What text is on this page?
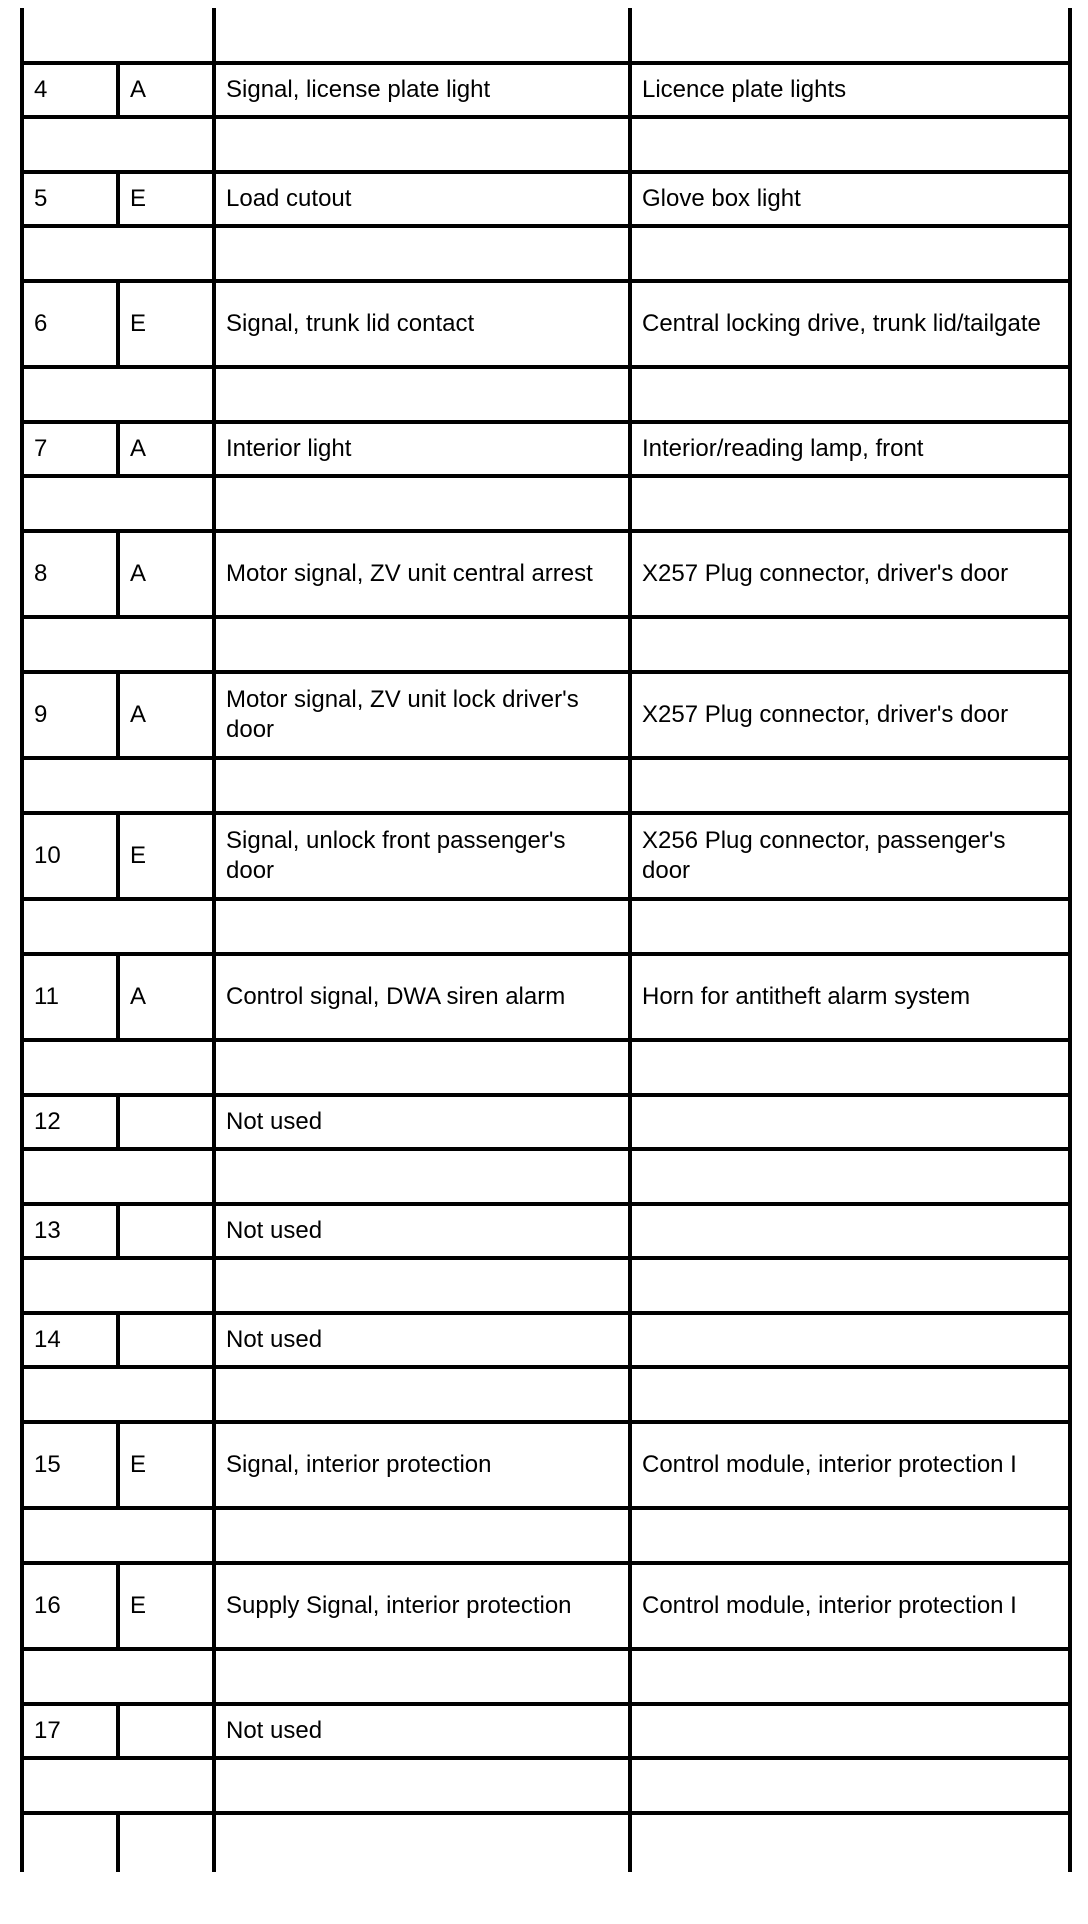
4	A	Signal, license plate light	Licence plate lights

5	E	Load cutout	Glove box light

6	E	Signal, trunk lid contact	Central locking drive, trunk lid/tailgate

7	A	Interior light	Interior/reading lamp, front

8	A	Motor signal, ZV unit central arrest	X257 Plug connector, driver's door

9	A	Motor signal, ZV unit lock driver's door	X257 Plug connector, driver's door

10	E	Signal, unlock front passenger's door	X256 Plug connector, passenger's door

11	A	Control signal, DWA siren alarm	Horn for antitheft alarm system

12		Not used	

13		Not used	

14		Not used	

15	E	Signal, interior protection	Control module, interior protection I

16	E	Supply Signal, interior protection	Control module, interior protection I

17		Not used	
